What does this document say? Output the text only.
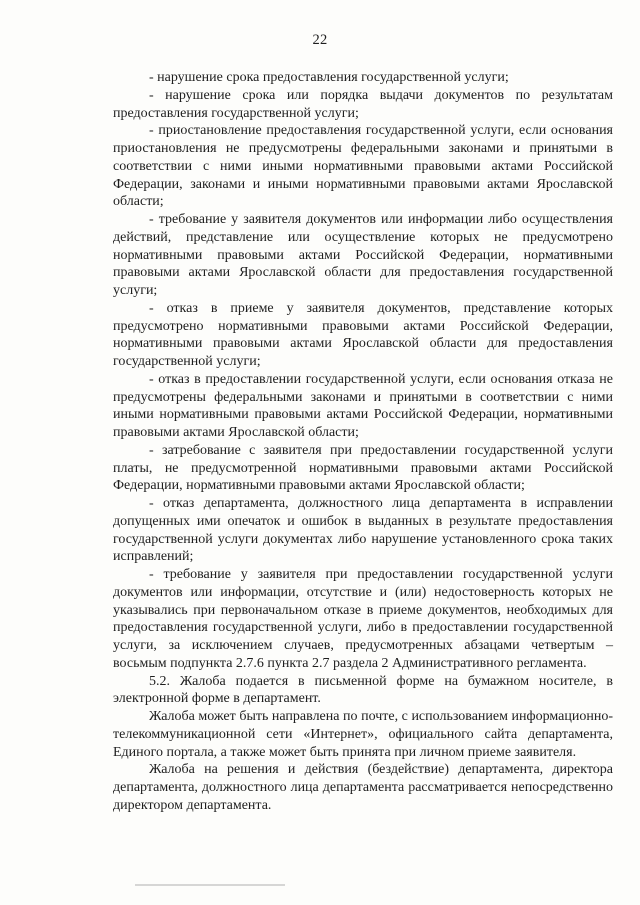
22

- нарушение срока предоставления государственной услуги;

- нарушение срока или порядка выдачи документов по результатам предоставления государственной услуги;

- приостановление предоставления государственной услуги, если основания приостановления не предусмотрены федеральными законами и принятыми в соответствии с ними иными нормативными правовыми актами Российской Федерации, законами и иными нормативными правовыми актами Ярославской области;

- требование у заявителя документов или информации либо осуществления действий, представление или осуществление которых не предусмотрено нормативными правовыми актами Российской Федерации, нормативными правовыми актами Ярославской области для предоставления государственной услуги;

- отказ в приеме у заявителя документов, представление которых предусмотрено нормативными правовыми актами Российской Федерации, нормативными правовыми актами Ярославской области для предоставления государственной услуги;

- отказ в предоставлении государственной услуги, если основания отказа не предусмотрены федеральными законами и принятыми в соответствии с ними иными нормативными правовыми актами Российской Федерации, нормативными правовыми актами Ярославской области;

- затребование с заявителя при предоставлении государственной услуги платы, не предусмотренной нормативными правовыми актами Российской Федерации, нормативными правовыми актами Ярославской области;

- отказ департамента, должностного лица департамента в исправлении допущенных ими опечаток и ошибок в выданных в результате предоставления государственной услуги документах либо нарушение установленного срока таких исправлений;

- требование у заявителя при предоставлении государственной услуги документов или информации, отсутствие и (или) недостоверность которых не указывались при первоначальном отказе в приеме документов, необходимых для предоставления государственной услуги, либо в предоставлении государственной услуги, за исключением случаев, предусмотренных абзацами четвертым – восьмым подпункта 2.7.6 пункта 2.7 раздела 2 Административного регламента.

5.2. Жалоба подается в письменной форме на бумажном носителе, в электронной форме в департамент.

Жалоба может быть направлена по почте, с использованием информационно-телекоммуникационной сети «Интернет», официального сайта департамента, Единого портала, а также может быть принята при личном приеме заявителя.

Жалоба на решения и действия (бездействие) департамента, директора департамента, должностного лица департамента рассматривается непосредственно директором департамента.
